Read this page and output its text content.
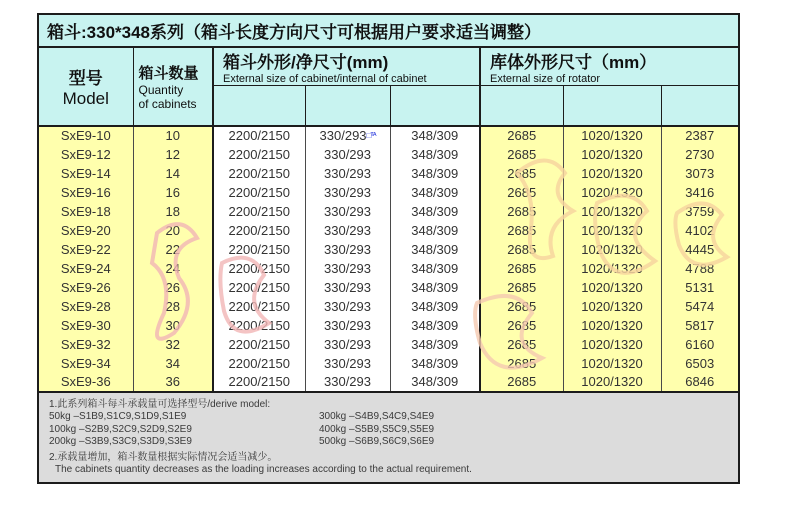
箱斗:330*348系列（箱斗长度方向尺寸可根据用户要求适当调整）							

型号
Model

箱斗数量
Quantity
of cabinets

箱斗外形/净尺寸(mm)
External size of cabinet/internal of cabinet

库体外形尺寸（mm）
External size of rotator

SxE9-10	10	2200/2150	330/293□ᵀᴬ	348/309	2685	1020/1320	2387
SxE9-12	12	2200/2150	330/293	348/309	2685	1020/1320	2730
SxE9-14	14	2200/2150	330/293	348/309	2685	1020/1320	3073
SxE9-16	16	2200/2150	330/293	348/309	2685	1020/1320	3416
SxE9-18	18	2200/2150	330/293	348/309	2685	1020/1320	3759
SxE9-20	20	2200/2150	330/293	348/309	2685	1020/1320	4102
SxE9-22	22	2200/2150	330/293	348/309	2685	1020/1320	4445
SxE9-24	24	2200/2150	330/293	348/309	2685	1020/1320	4788
SxE9-26	26	2200/2150	330/293	348/309	2685	1020/1320	5131
SxE9-28	28	2200/2150	330/293	348/309	2685	1020/1320	5474
SxE9-30	30	2200/2150	330/293	348/309	2685	1020/1320	5817
SxE9-32	32	2200/2150	330/293	348/309	2685	1020/1320	6160
SxE9-34	34	2200/2150	330/293	348/309	2685	1020/1320	6503
SxE9-36	36	2200/2150	330/293	348/309	2685	1020/1320	6846

1.此系列箱斗每斗承载量可选择型号/derive model:
50kg –S1B9,S1C9,S1D9,S1E9
100kg –S2B9,S2C9,S2D9,S2E9
200kg –S3B9,S3C9,S3D9,S3E9
300kg –S4B9,S4C9,S4E9
400kg –S5B9,S5C9,S5E9
500kg –S6B9,S6C9,S6E9
2.承载量增加，箱斗数量根据实际情况会适当减少。
The cabinets quantity decreases as the loading increases according to the actual requirement.
